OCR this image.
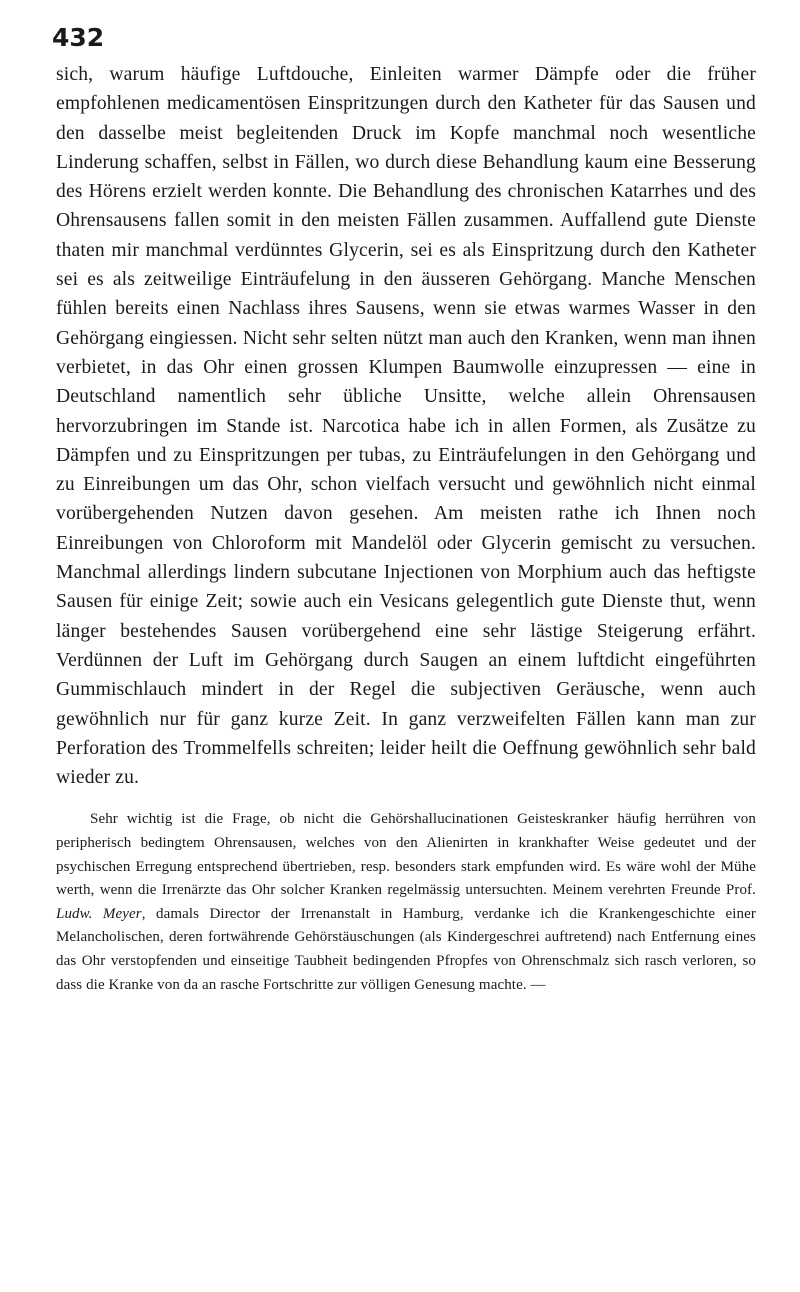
432

sich, warum häufige Luftdouche, Einleiten warmer Dämpfe oder die früher empfohlenen medicamentösen Einspritzungen durch den Katheter für das Sausen und den dasselbe meist begleitenden Druck im Kopfe manchmal noch wesentliche Linderung schaffen, selbst in Fällen, wo durch diese Behandlung kaum eine Besserung des Hörens erzielt werden konnte. Die Behandlung des chronischen Katarrhes und des Ohrensausens fallen somit in den meisten Fällen zusammen. Auffallend gute Dienste thaten mir manchmal verdünntes Glycerin, sei es als Einspritzung durch den Katheter sei es als zeitweilige Einträufelung in den äusseren Gehörgang. Manche Menschen fühlen bereits einen Nachlass ihres Sausens, wenn sie etwas warmes Wasser in den Gehörgang eingiessen. Nicht sehr selten nützt man auch den Kranken, wenn man ihnen verbietet, in das Ohr einen grossen Klumpen Baumwolle einzupressen — eine in Deutschland namentlich sehr übliche Unsitte, welche allein Ohrensausen hervorzubringen im Stande ist. Narcotica habe ich in allen Formen, als Zusätze zu Dämpfen und zu Einspritzungen per tubas, zu Einträufelungen in den Gehörgang und zu Einreibungen um das Ohr, schon vielfach versucht und gewöhnlich nicht einmal vorübergehenden Nutzen davon gesehen. Am meisten rathe ich Ihnen noch Einreibungen von Chloroform mit Mandelöl oder Glycerin gemischt zu versuchen. Manchmal allerdings lindern subcutane Injectionen von Morphium auch das heftigste Sausen für einige Zeit; sowie auch ein Vesicans gelegentlich gute Dienste thut, wenn länger bestehendes Sausen vorübergehend eine sehr lästige Steigerung erfährt. Verdünnen der Luft im Gehörgang durch Saugen an einem luftdicht eingeführten Gummischlauch mindert in der Regel die subjectiven Geräusche, wenn auch gewöhnlich nur für ganz kurze Zeit. In ganz verzweifelten Fällen kann man zur Perforation des Trommelfells schreiten; leider heilt die Oeffnung gewöhnlich sehr bald wieder zu.

Sehr wichtig ist die Frage, ob nicht die Gehörshallucinationen Geisteskranker häufig herrühren von peripherisch bedingtem Ohrensausen, welches von den Alienirten in krankhafter Weise gedeutet und der psychischen Erregung entsprechend übertrieben, resp. besonders stark empfunden wird. Es wäre wohl der Mühe werth, wenn die Irrenärzte das Ohr solcher Kranken regelmässig untersuchten. Meinem verehrten Freunde Prof. Ludw. Meyer, damals Director der Irrenanstalt in Hamburg, verdanke ich die Krankengeschichte einer Melancholischen, deren fortwährende Gehörstäuschungen (als Kindergeschrei auftretend) nach Entfernung eines das Ohr verstopfenden und einseitige Taubheit bedingenden Pfropfes von Ohrenschmalz sich rasch verloren, so dass die Kranke von da an rasche Fortschritte zur völligen Genesung machte. —
